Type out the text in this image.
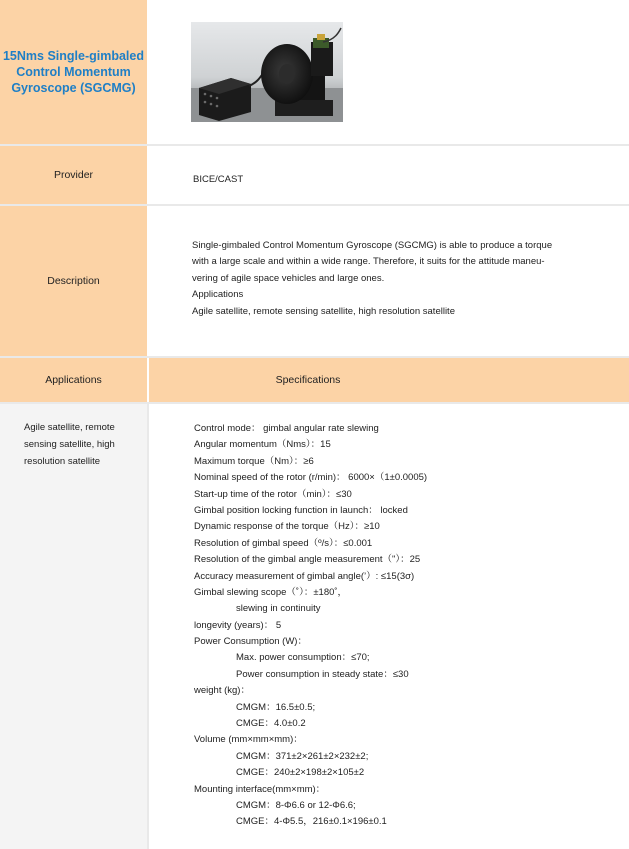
15Nms Single-gimbaled
Control Momentum
Gyroscope (SGCMG)
Provider	BICE/CAST
Description
Single-gimbaled Control Momentum Gyroscope (SGCMG) is able to produce a torque
with a large scale and within a wide range. Therefore, it suits for the attitude maneu-
vering of agile space vehicles and large ones.
Applications
Agile satellite, remote sensing satellite, high resolution satellite
Applications	Specifications
Agile satellite, remote
sensing satellite, high
resolution satellite
Control mode： gimbal angular rate slewing
Angular momentum（Nms）：15
Maximum torque（Nm）：≥6
Nominal speed of the rotor (r/min)： 6000×（1±0.0005)
Start-up time of the rotor（min）：≤30
Gimbal position locking function in launch： locked
Dynamic response of the torque（Hz）：≥10
Resolution of gimbal speed（º/s）：≤0.001
Resolution of the gimbal angle measurement（"）：25
Accuracy measurement of gimbal angle(’）: ≤15(3σ)
Gimbal slewing scope（˚）：±180˚，
slewing in continuity
longevity (years)： 5
Power Consumption (W)：
Max. power consumption：≤70;
Power consumption in steady state：≤30
weight (kg)：
CMGM：16.5±0.5;
CMGE：4.0±0.2
Volume (mm×mm×mm)：
CMGM：371±2×261±2×232±2;
CMGE：240±2×198±2×105±2
Mounting interface(mm×mm)：
CMGM：8-Φ6.6 or 12-Φ6.6;
CMGE：4-Φ5.5，216±0.1×196±0.1
